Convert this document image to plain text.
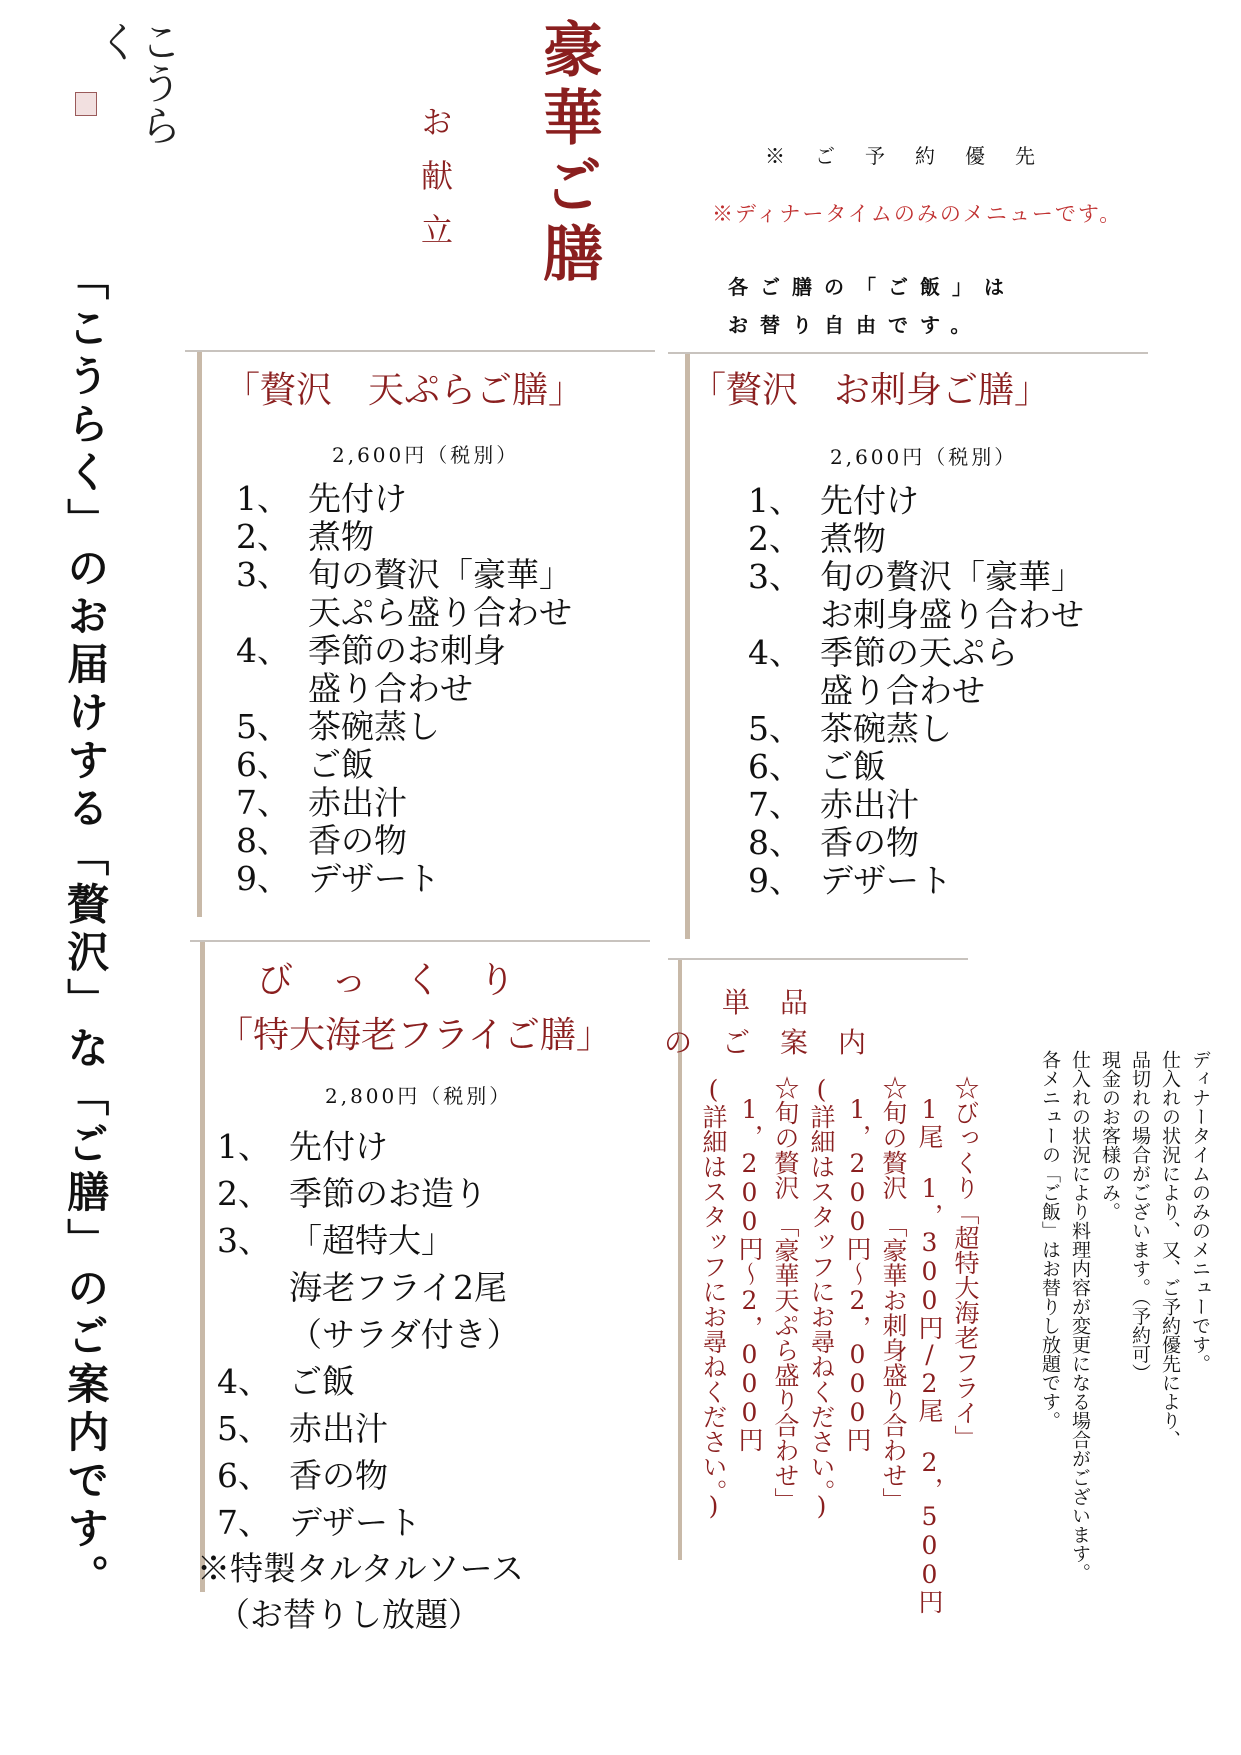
こうらく	豪華ご膳
お献立	※ご予約優先
※ディナータイムのみのメニューです。
各ご膳の「ご飯」は
お替り自由です。
「こうらく」のお届けする「贅沢」な「ご膳」のご案内です。	「贅沢　天ぷらご膳」
2,600円（税別）
1、 先付け
2、 煮物
3、 旬の贅沢「豪華」
天ぷら盛り合わせ
4、 季節のお刺身
盛り合わせ
5、 茶碗蒸し
6、 ご飯
7、 赤出汁
8、 香の物
9、 デザート
「贅沢　お刺身ご膳」
2,600円（税別）
1、 先付け
2、 煮物
3、 旬の贅沢「豪華」
お刺身盛り合わせ
4、 季節の天ぷら
盛り合わせ
5、 茶碗蒸し
6、 ご飯
7、 赤出汁
8、 香の物
9、 デザート
びっくり
「特大海老フライご膳」
2,800円（税別）
1、 先付け
2、 季節のお造り
3、 「超特大」
海老フライ2尾
（サラダ付き）
4、 ご飯
5、 赤出汁
6、 香の物
7、 デザート
※特製タルタルソース
（お替りし放題）
単品
のご案内
☆びっくり「超特大海老フライ」
1尾　1，300円/2尾　2，500円
☆旬の贅沢　「豪華お刺身盛り合わせ」
1，200円～2，000円
(詳細はスタッフにお尋ねください。)
☆旬の贅沢　「豪華天ぷら盛り合わせ」
1，200円～2，000円
(詳細はスタッフにお尋ねください。)	ディナータイムのみのメニューです。
仕入れの状況により、又、ご予約優先により、
品切れの場合がございます。（予約可）
現金のお客様のみ。
仕入れの状況により料理内容が変更になる場合がございます。
各メニューの「ご飯」はお替りし放題です。
